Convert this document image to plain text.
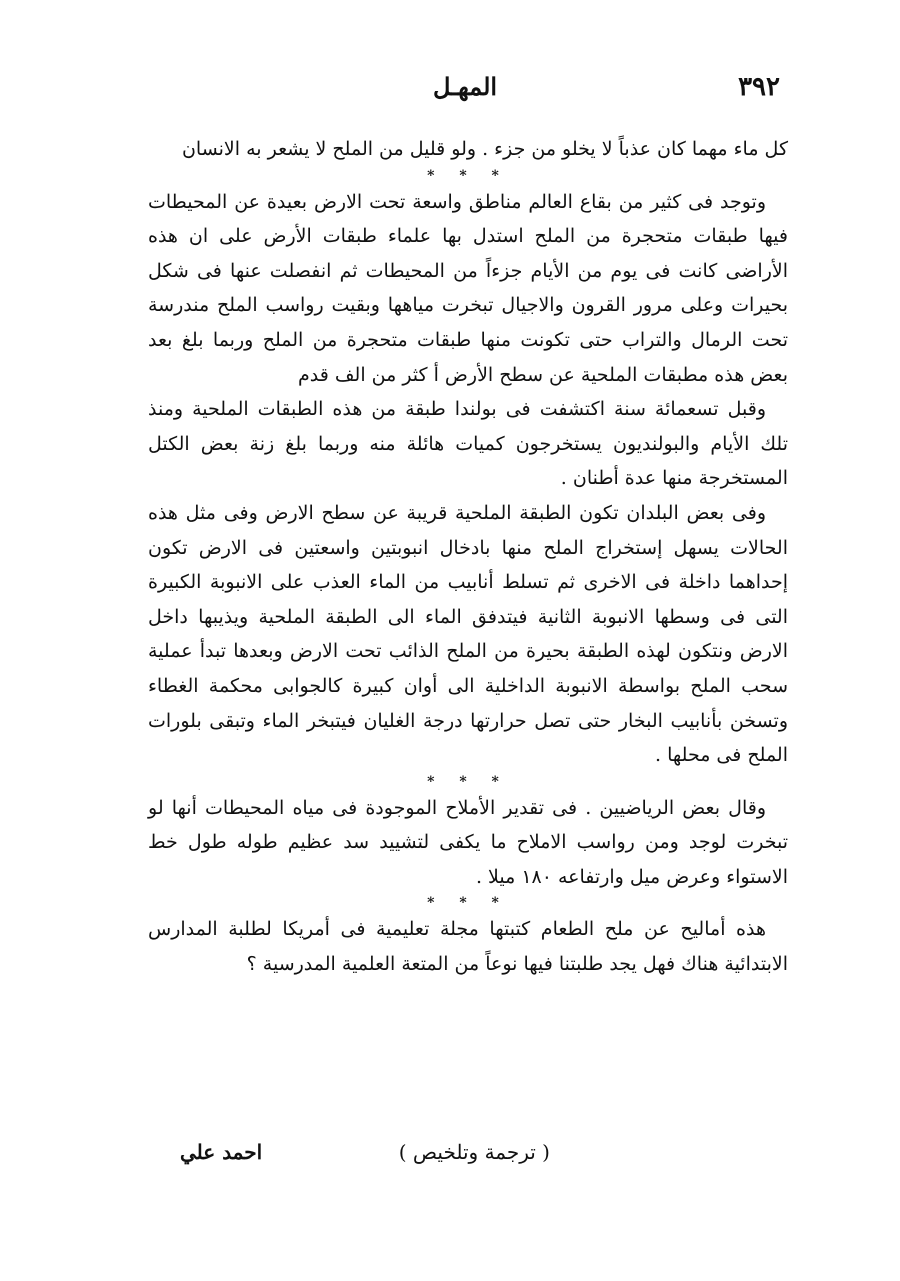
٣٩٢
المهـل

كل ماء مهما كان عذباً لا يخلو من جزء . ولو قليل من الملح لا يشعر به الانسان

* * *

وتوجد فى كثير من بقاع العالم مناطق واسعة تحت الارض بعيدة عن المحيطات فيها طبقات متحجرة من الملح استدل بها علماء طبقات الأرض على ان هذه الأراضى كانت فى يوم من الأيام جزءاً من المحيطات ثم انفصلت عنها فى شكل بحيرات وعلى مرور القرون والاجيال تبخرت مياهها وبقيت رواسب الملح مندرسة تحت الرمال والتراب حتى تكونت منها طبقات متحجرة من الملح وربما بلغ بعد بعض هذه مطبقات الملحية عن سطح الأرض أ كثر من الف قدم

وقبل تسعمائة سنة اكتشفت فى بولندا طبقة من هذه الطبقات الملحية ومنذ تلك الأيام والبولنديون يستخرجون كميات هائلة منه وربما بلغ زنة بعض الكتل المستخرجة منها عدة أطنان .

وفى بعض البلدان تكون الطبقة الملحية قريبة عن سطح الارض وفى مثل هذه الحالات يسهل إستخراج الملح منها بادخال انبوبتين واسعتين فى الارض تكون إحداهما داخلة فى الاخرى ثم تسلط أنابيب من الماء العذب على الانبوبة الكبيرة التى فى وسطها الانبوبة الثانية فيتدفق الماء الى الطبقة الملحية ويذيبها داخل الارض ونتكون لهذه الطبقة بحيرة من الملح الذائب تحت الارض وبعدها تبدأ عملية سحب الملح بواسطة الانبوبة الداخلية الى أوان كبيرة كالجوابى محكمة الغطاء وتسخن بأنابيب البخار حتى تصل حرارتها درجة الغليان فيتبخر الماء وتبقى بلورات الملح فى محلها .

* * *

وقال بعض الرياضيين . فى تقدير الأملاح الموجودة فى مياه المحيطات أنها لو تبخرت لوجد ومن رواسب الاملاح ما يكفى لتشييد سد عظيم طوله طول خط الاستواء وعرض ميل وارتفاعه ١٨٠ ميلا .

* * *

هذه أماليح عن ملح الطعام كتبتها مجلة تعليمية فى أمريكا لطلبة المدارس الابتدائية هناك فهل يجد طلبتنا فيها نوعاً من المتعة العلمية المدرسية ؟

( ترجمة وتلخيص )
احمد علي
